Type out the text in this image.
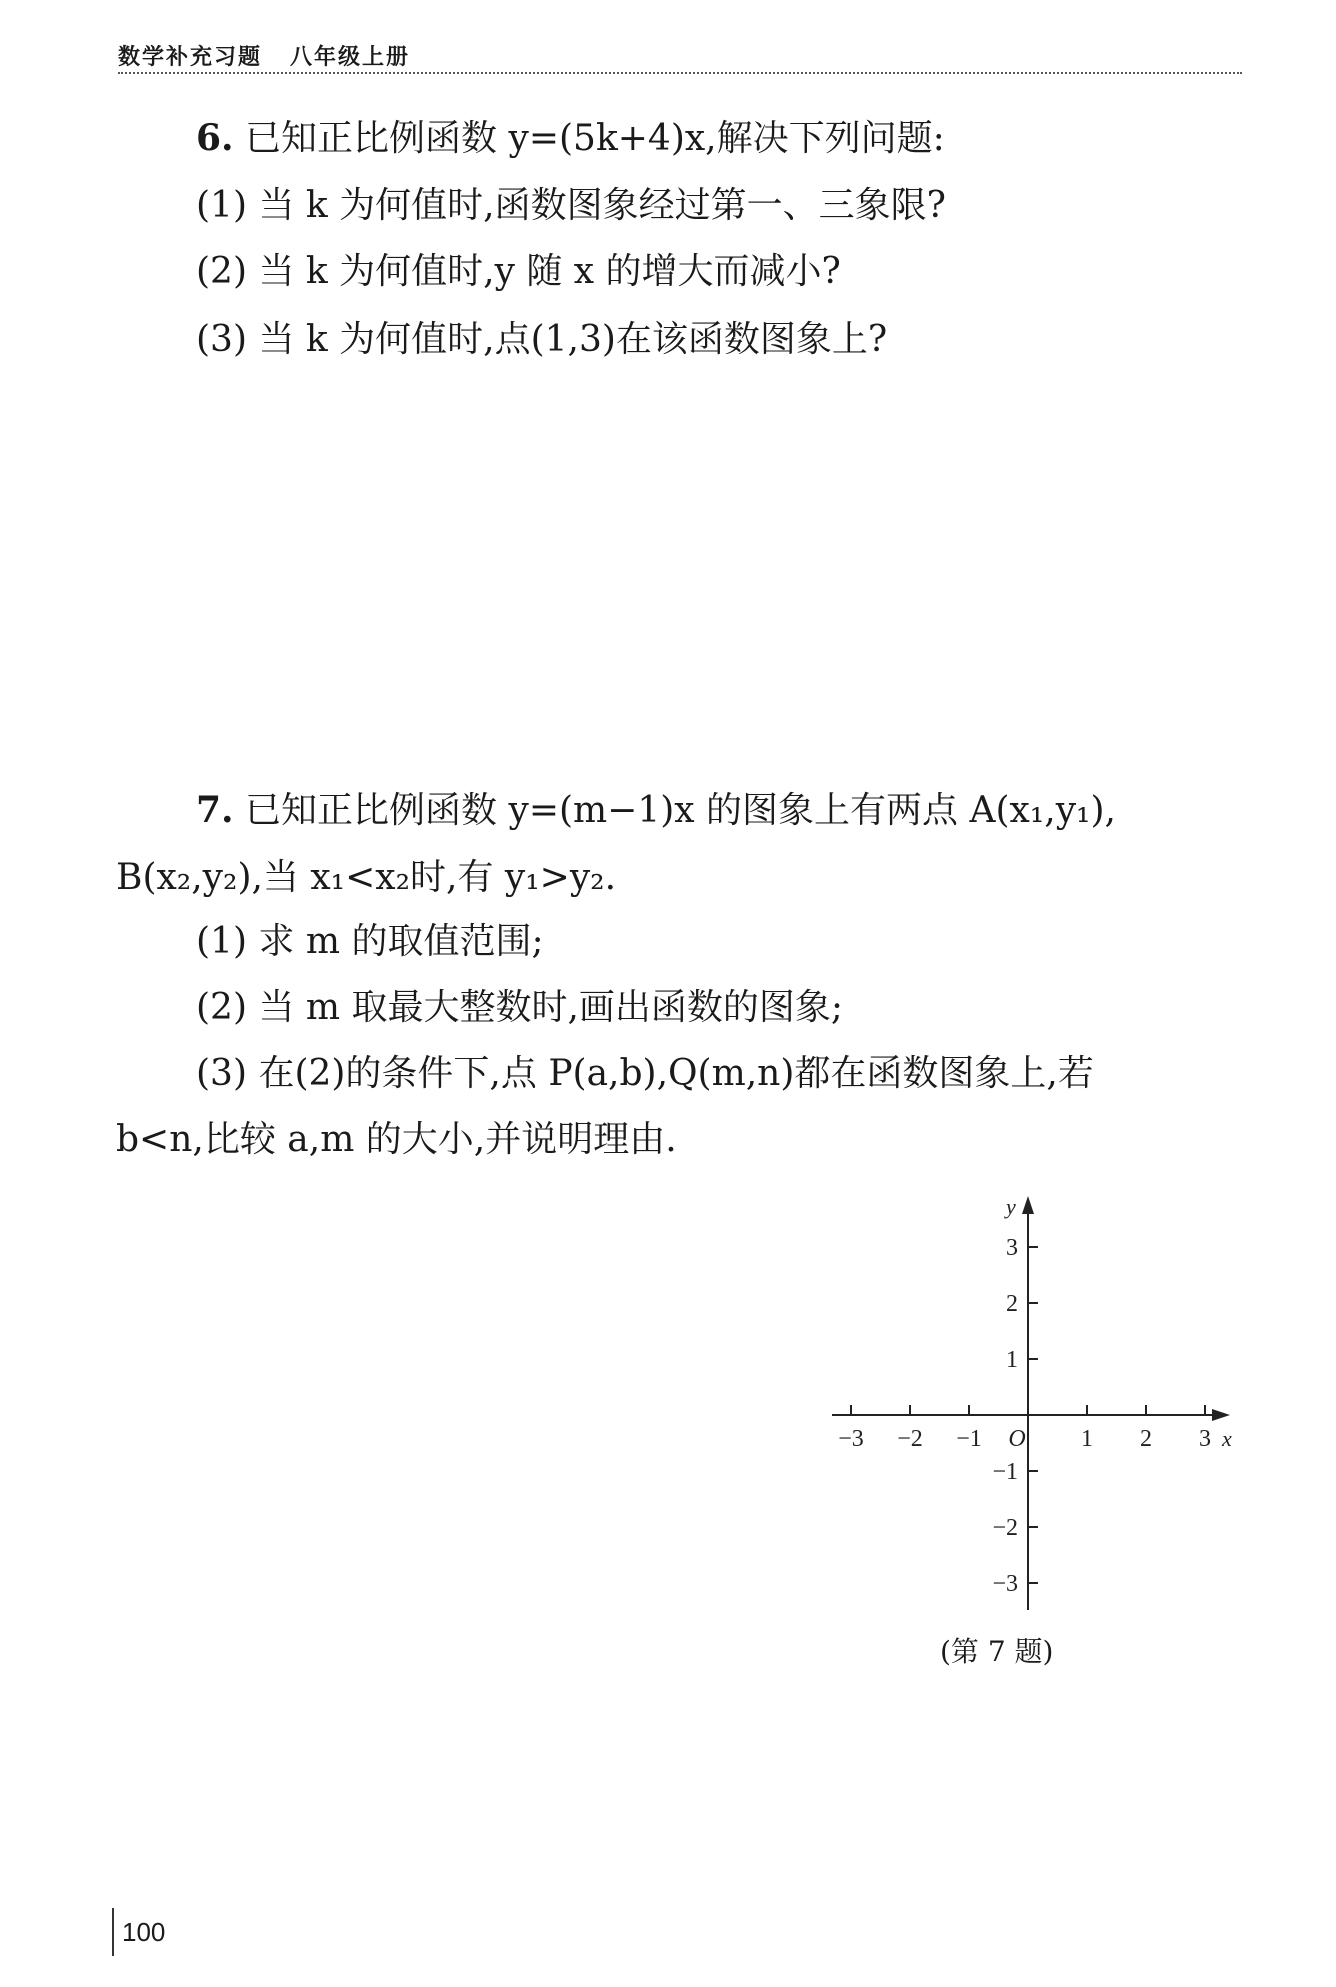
数学补充习题 八年级上册
6. 已知正比例函数 y=(5k+4)x,解决下列问题:
(1) 当 k 为何值时,函数图象经过第一、三象限?
(2) 当 k 为何值时,y 随 x 的增大而减小?
(3) 当 k 为何值时,点(1,3)在该函数图象上?
7. 已知正比例函数 y=(m−1)x 的图象上有两点 A(x₁,y₁),
B(x₂,y₂),当 x₁<x₂时,有 y₁>y₂.
(1) 求 m 的取值范围;
(2) 当 m 取最大整数时,画出函数的图象;
(3) 在(2)的条件下,点 P(a,b),Q(m,n)都在函数图象上,若
b<n,比较 a,m 的大小,并说明理由.
−3 −2 −1	1 2 3
3
2
1
−1
−2
−3
O	x
y
(第 7 题)
100
